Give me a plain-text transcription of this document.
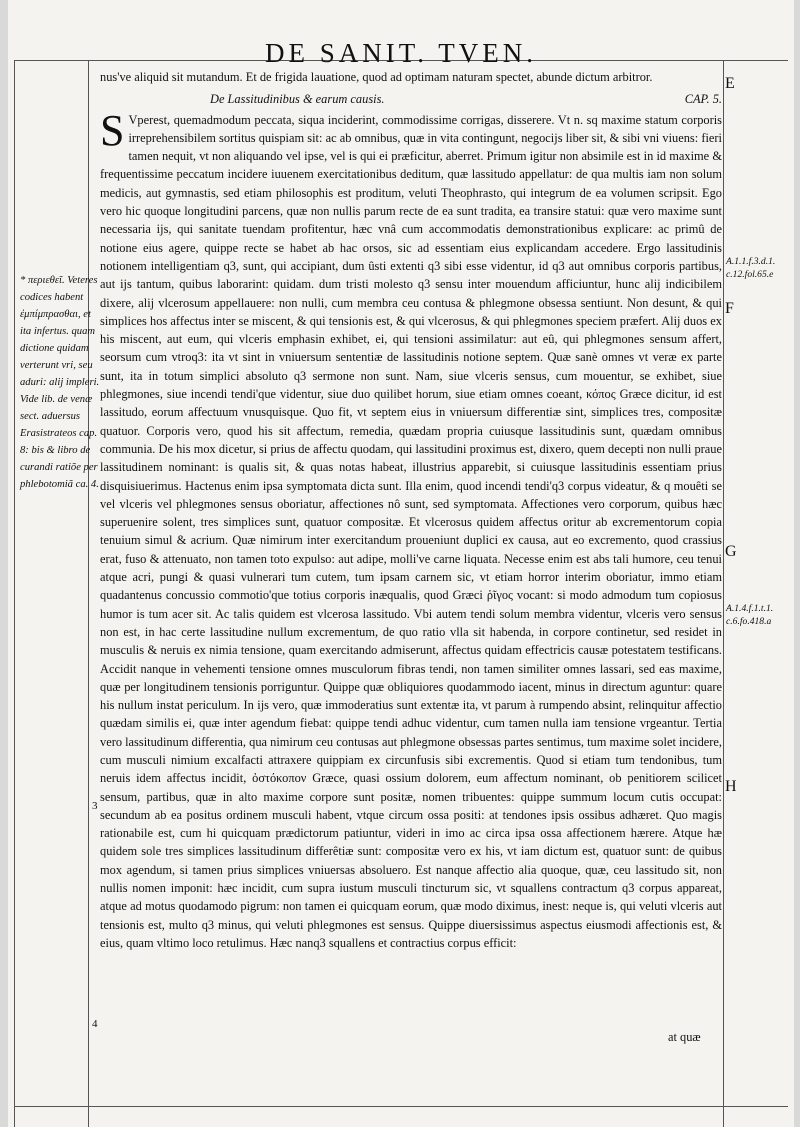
DE SANIT. TVEN.

nus've aliquid sit mutandum. Et de frigida lauatione, quod ad optimam naturam spectet, abunde dictum arbitror.

De Lassitudinibus & earum causis.	CAP. 5.

S Vperest, quemadmodum peccata, siqua inciderint, commodissime corrigas, disserere. Vt n. sq maxime statum corporis irreprehensibilem sortitus quispiam sit: ac ab omnibus, quæ in vita contingunt, negocijs liber sit, & sibi vni viuens: fieri tamen nequit, vt non aliquando vel ipse, vel is qui ei præficitur, aberret. Primum igitur non absimile est in id maxime & frequentissime peccatum incidere iuuenem exercitationibus deditum, quæ lassitudo appellatur: de qua multis iam non solum medicis, aut gymnastis, sed etiam philosophis est proditum, veluti Theophrasto, qui integrum de ea volumen scripsit. Ego vero hic quoque longitudini parcens, quæ non nullis parum recte de ea sunt tradita, ea transire statui: quæ vero maxime sunt necessaria ijs, qui sanitate tuendam profitentur, hæc vnâ cum accommodatis demonstrationibus explicare: ac primû de notione eius agere, quippe recte se habet ab hac orsos, sic ad essentiam eius explicandam accedere. Ergo lassitudinis notionem intelligentiam q3, sunt, qui accipiant, dum ûsti extenti q3 sibi esse videntur, id q3 aut omnibus corporis partibus, aut ijs tantum, quibus laborarint: quidam. dum tristi molesto q3 sensu inter mouendum afficiuntur, hunc alij indicibilem dixere, alij vlcerosum appellauere: non nulli, cum membra ceu contusa & phlegmone obsessa sentiunt. Non desunt, & qui simplices hos affectus inter se miscent, & qui tensionis est, & qui vlcerosus, & qui phlegmones speciem præfert. Alij duos ex his miscent, aut eum, qui vlceris emphasin exhibet, ei, qui tensioni assimilatur: aut eû, qui phlegmones sensum affert, seorsum cum vtroq3: ita vt sint in vniuersum sententiæ de lassitudinis notione septem. Quæ sanè omnes vt veræ ex parte sunt, ita in totum simplici absoluto q3 sermone non sunt. Nam, siue vlceris sensus, cum mouentur, se exhibet, siue phlegmones, siue incendi tendi'que videntur, siue duo quilibet horum, siue etiam omnes coeant, κόπος Græce dicitur, id est lassitudo, eorum affectuum vnusquisque. Quo fit, vt septem eius in vniuersum differentiæ sint, simplices tres, compositæ quatuor. Corporis vero, quod his sit affectum, remedia, quædam propria cuiusque lassitudinis sunt, quædam omnibus communia. De his mox dicetur, si prius de affectu quodam, qui lassitudini proximus est, dixero, quem decepti non nulli praue lassitudinem nominant: is qualis sit, & quas notas habeat, illustrius apparebit, si cuiusque lassitudinis essentiam prius disquisiuerimus. Hactenus enim ipsa symptomata dicta sunt. Illa enim, quod incendi tendi'q3 corpus videatur, & q mouêti se vel vlceris vel phlegmones sensus oboriatur, affectiones nô sunt, sed symptomata. Affectiones vero corporum, quibus hæc superuenire solent, tres simplices sunt, quatuor compositæ. Et vlcerosus quidem affectus oritur ab excrementorum copia tenuium simul & acrium. Quæ nimirum inter exercitandum proueniunt duplici ex causa, aut eo excremento, quod crassius erat, fuso & attenuato, non tamen toto expulso: aut adipe, molli've carne liquata. Necesse enim est abs tali humore, ceu tenui atque acri, pungi & quasi vulnerari tum cutem, tum ipsam carnem sic, vt etiam horror interim oboriatur, immo etiam quadantenus concussio commotio'que totius corporis inæqualis, quod Græci ῥῖγος vocant: si modo admodum tum copiosus humor is tum acer sit. Ac talis quidem est vlcerosa lassitudo. Vbi autem tendi solum membra videntur, vlceris vero sensus non est, in hac certe lassitudine nullum excrementum, de quo ratio vlla sit habenda, in corpore continetur, sed residet in musculis & neruis ex nimia tensione, quam exercitando admiserunt, affectus quidam effectricis causæ potestatem testificans. Accidit nanque in vehementi tensione omnes musculorum fibras tendi, non tamen similiter omnes lassari, sed eas maxime, quæ per longitudinem tensionis porriguntur. Quippe quæ obliquiores quodammodo iacent, minus in directum aguntur: quare his nullum instat periculum. In ijs vero, quæ immoderatius sunt extentæ ita, vt parum à rumpendo absint, relinquitur affectio quædam similis ei, quæ inter agendum fiebat: quippe tendi adhuc videntur, cum tamen nulla iam tensione vrgeantur. Tertia vero lassitudinum differentia, qua nimirum ceu contusas aut phlegmone obsessas partes sentimus, tum maxime solet incidere, cum musculi nimium excalfacti attraxere quippiam ex circunfusis sibi excrementis. Quod si etiam tum tendonibus, tum neruis idem affectus incidit, ὀστόκοπον Græce, quasi ossium dolorem, eum affectum nominant, ob penitiorem scilicet sensum, partibus, quæ in alto maxime corpore sunt positæ, nomen tribuentes: quippe summum locum cutis occupat: secundum ab ea positus ordinem musculi habent, vtque circum ossa positi: at tendones ipsis ossibus adhæret. Quo magis rationabile est, cum hi quicquam prædictorum patiuntur, videri in imo ac circa ipsa ossa affectionem hærere. Atque hæ quidem sole tres simplices lassitudinum differêtiæ sunt: compositæ vero ex his, vt iam dictum est, quatuor sunt: de quibus mox agendum, si tamen prius simplices vniuersas absoluero. Est nanque affectio alia quoque, quæ, ceu lassitudo sit, non nullis nomen imponit: hæc incidit, cum supra iustum musculi tincturum sic, vt squallens contractum q3 corpus appareat, atque ad motus quodamodo pigrum: non tamen ei quicquam eorum, quæ modo diximus, inest: neque is, qui veluti vlceris aut tensionis est, multo q3 minus, qui veluti phlegmones est sensus. Quippe diuersissimus aspectus eiusmodi affectionis est, & eius, quam vltimo loco retulimus. Hæc nanq3 squallens et contractius corpus efficit:

* περιεθεῖ. Veteres codices habent ἐμπίμπρασθαι, et ita infertus. quam dictione quidam verterunt vri, seu aduri: alij impleri. Vide lib. de venæ sect. aduersus Erasistrateos cap. 8: bis & libro de curandi ratiõe per phlebotomiã ca. 4.
A.1.1.f.3.d.1. c.12.fol.65.e
A.1.4.f.1.t.1. c.6.fo.418.a
E
F
G
H
3
4
at quæ
